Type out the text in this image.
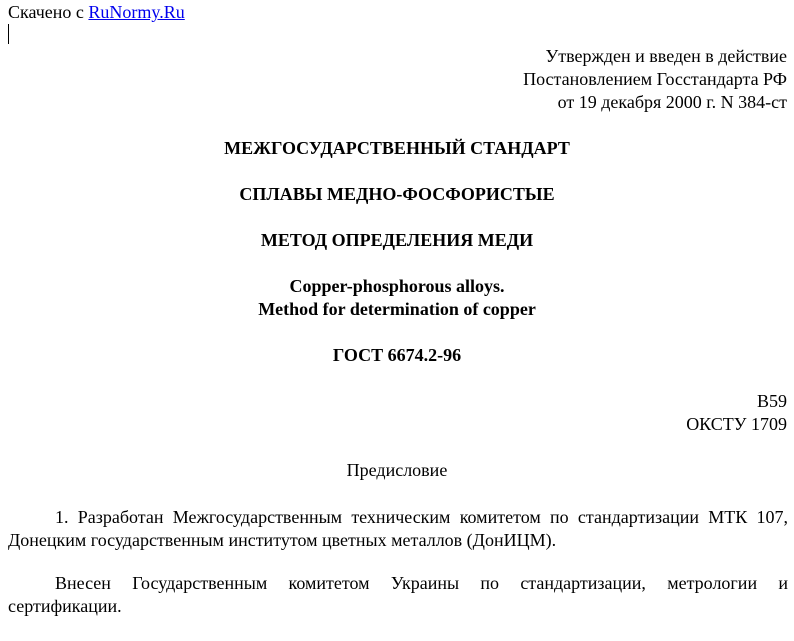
Скачено с RuNormy.Ru
Утвержден и введен в действие
Постановлением Госстандарта РФ
от 19 декабря 2000 г. N 384-ст
МЕЖГОСУДАРСТВЕННЫЙ СТАНДАРТ
СПЛАВЫ МЕДНО-ФОСФОРИСТЫЕ
МЕТОД ОПРЕДЕЛЕНИЯ МЕДИ
Copper-phosphorous alloys.
Method for determination of copper
ГОСТ 6674.2-96
B59
ОКСТУ 1709
Предисловие
1. Разработан Межгосударственным техническим комитетом по стандартизации МТК 107, Донецким государственным институтом цветных металлов (ДонИЦМ).
Внесен Государственным комитетом Украины по стандартизации, метрологии и сертификации.
